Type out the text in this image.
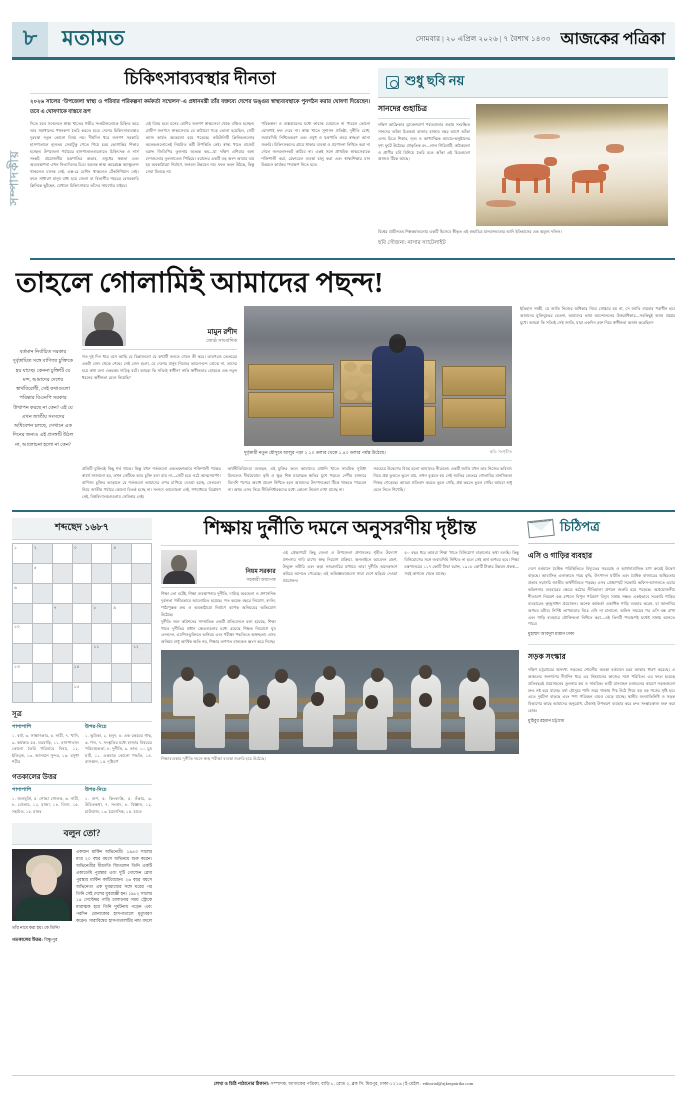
৮	মতামত	সোমবার | ২০ এপ্রিল ২০২৬ | ৭ বৈশাখ ১৪৩৩ আজকের পত্রিকা
সম্পাদকীয়
চিকিৎসাব্যবস্থার দীনতা
২০২৬ সালের ‘উপজেলা স্বাস্থ্য ও পরিবার পরিকল্পনা কর্মকর্তা সম্মেলন’-এ প্রধানমন্ত্রী তাঁর বক্তব্যে দেশের ভঙ্গুর স্বাস্থ্যব্যবস্থাকে পুনর্গঠন করার ঘোষণা দিয়েছেন। তবে এ ঘোষণাকে বাস্তবে রূপ
দিতে হলে সম্মেলনে স্বাস্থ্য খাতের গভীর সংকটগুলোকে চিহ্নিত করে তার সমাধানের পথনকশা তৈরি করতে হবে। দেশের চিকিৎসাব্যবস্থার দুরবস্থা নতুন কোনো বিষয় নয়। দীর্ঘদিন ধরে জনগণ সরকারি হাসপাতালে ন্যূনতম সেবাটুকু পেতে গিয়ে চরম ভোগান্তির শিকার হচ্ছেন। উপজেলা পর্যায়ের হাসপাতালগুলোতে চিকিৎসক ও নার্স সংকট, প্রয়োজনীয় যন্ত্রপাতির অভাব, ওষুধের স্বল্পতা এবং অব্যবস্থাপনা এখন নিত্যদিনের চিত্র। অনেক স্বাস্থ্য কমপ্লেক্সে অ্যাম্বুলেন্স থাকলেও চালক নেই, এক্স-রে মেশিন থাকলেও টেকনিশিয়ান নেই। ফলে সাধারণ মানুষ বাধ্য হয়ে জেলা বা বিভাগীয় শহরের বেসরকারি ক্লিনিকে ছুটছেন, যেখানে চিকিৎসাব্যয় তাঁদের সামর্থ্যের বাইরে।
এই বিষয় হলে মনের শ্রেণির জনগণ স্বাস্থ্যসেবা থেকে বঞ্চিত হচ্ছেন। গ্রামীণ জনপদে স্বাস্থ্যসেবার যে কাঠামো গড়ে তোলা হয়েছিল, সেটি আজ কার্যত অকেজো হয়ে পড়েছে। কমিউনিটি ক্লিনিকগুলোর অনেকগুলোতেই নিয়মিত কর্মী উপস্থিতি নেই। স্বাস্থ্য খাতে বাজেট বরাদ্দ জিডিপির তুলনায় অত্যন্ত কম—যা দক্ষিণ এশিয়ার অন্য দেশগুলোর তুলনাতেও পিছিয়ে। বরাদ্দের একটি বড় অংশ আবার ব্যয় হয় অবকাঠামো নির্মাণে, জনবল উন্নয়নে নয়। ফলে ভবন উঠছে, কিন্তু সেবা মিলছে না।
পরিকল্পনা ও বাস্তবায়নের মধ্যে ফারাক ঘোচাতে না পারলে কোনো ঘোষণাই ফল দেবে না। স্বাস্থ্য খাতে সুশাসন প্রতিষ্ঠা, দুর্নীতি রোধ, জবাবদিহি নিশ্চিতকরণ এবং ওষুধ ও যন্ত্রপাতি ক্রয়ে স্বচ্ছতা আনা জরুরি। চিকিৎসকদের গ্রামে থাকার ব্যবস্থা ও প্রণোদনা নিশ্চিত করা না গেলে জনবলসংকট কাটবে না। একই সঙ্গে প্রাথমিক স্বাস্থ্যসেবাকে শক্তিশালী করা, রেফারেল ব্যবস্থা চালু করা এবং স্বাস্থ্যশিক্ষার মান উন্নয়নে কার্যকর পদক্ষেপ নিতে হবে।
শুধু ছবি নয়
সানদের গুহাচিত্র
দক্ষিণ আফ্রিকার ড্রাকেন্সবার্গ পর্বতমালার গুহায় সংরক্ষিত সানদের আঁকা চিত্রকর্ম। হাজার হাজার বছর আগে আঁকা এসব চিত্রে শিকার, নৃত্য ও আধ্যাত্মিক আচার-অনুষ্ঠানের দৃশ্য ফুটে উঠেছে। প্রাকৃতিক রং—লাল গিরিমাটি, কাঠকয়লা ও প্রাণীর চর্বি মিশিয়ে তৈরি রঙে আঁকা এই চিত্রগুলো আজও টিকে আছে।
বিশ্বের প্রাচীনতম শিল্পকর্মগুলোর একটি হিসেবে স্বীকৃত এই গুহাচিত্র মানবসভ্যতার আদি ইতিহাসের এক অমূল্য দলিল।
ছবি সৌজন্য: নাসার স্যাটেলাইট
তাহলে গোলামিই আমাদের পছন্দ!
বর্তমান নির্বাচিত সরকার দুর্বৃত্তায়িত সঙ্গে বাণিজ্য চুক্তিকে হয় যাচ্ছে। কেননা চুক্তিটি যে মন্দ, আমাদের দেশের স্বার্থবিরোধী, সেই কথাগুলো পরিষ্কার বিএনপি সরকার উত্থাপন করছে না কেন? এই যে এখন জাতীয় সংসদের অধিবেশন চলছে, সেখানে এক দিনের জন্যও এই প্রসঙ্গটি উঠল না, আলোচনা হলো না কেন?
মামুন রশীদ
জ্যেষ্ঠ সাংবাদিক
গত দুই দিন ধরে বসে আছি যে চিন্তাগুলো যে কথাটি বলতে গেলে কী করে। তারপরও ভেতরের একটা জেদ থেকে গেছে। সেই জেদ হলো, যে দেশের মানুষ নিজের ভালো-মন্দ বোঝে না, তাদের হয়ে কথা বলা একরকম দায়িত্ব বটে। আমরা কি সত্যিই স্বাধীন? নাকি স্বাধীনতার মোড়কে এক নতুন ধরনের অধীনতা মেনে নিয়েছি?
দুর্বৃত্তায়ী নতুন মৌসুমে আলুর পড়া ২.১০ ডলার থেকে ১.৪০ ডলার পর্যন্ত উঠেছে।	ছবি: সংগৃহীত
প্রতিটি চুক্তিরই কিছু শর্ত থাকে। কিন্তু যখন শর্তগুলো একতরফাভাবে শক্তিশালী পক্ষের স্বার্থে সাজানো হয়, তখন সেটিকে আর চুক্তি বলা যায় না—সেটি হয়ে ওঠে আত্মসমর্পণ। বাণিজ্য চুক্তির আড়ালে যে শর্তগুলো আমাদের ওপর চাপিয়ে দেওয়া হচ্ছে, সেগুলো নিয়ে জাতীয় পর্যায়ে কোনো বিতর্ক হচ্ছে না। সংসদে আলোচনা নেই, গণমাধ্যমে বিশ্লেষণ নেই, বিশ্ববিদ্যালয়গুলোয় সেমিনার নেই।
অর্থনীতিবিদেরা বলছেন, এই চুক্তির ফলে আমাদের রপ্তানি খাতে সাময়িক সুবিধা মিললেও দীর্ঘমেয়াদে কৃষি ও ক্ষুদ্র শিল্প মারাত্মক ক্ষতির মুখে পড়বে। দেশীয় বাজারে বিদেশি পণ্যের অবাধ প্রবেশ নিশ্চিত হলে আমাদের উৎপাদকেরা টিকে থাকতে পারবেন না। অথচ এসব নিয়ে নীতিনির্ধারকদের মধ্যে কোনো উদ্বেগ দেখা যাচ্ছে না।
সবচেয়ে উদ্বেগের বিষয় হলো আমাদের নীরবতা। একটি জাতি যখন তার নিজের ভবিষ্যৎ নিয়ে প্রশ্ন তুলতে ভুলে যায়, তখন বুঝতে হয় সেই জাতির ভেতরে গোলামির মানসিকতা শিকড় গেড়েছে। আমরা প্রতিবাদ করতে ভুলে গেছি, প্রশ্ন করতে ভুলে গেছি। আমরা শুধু মেনে নিতে শিখেছি।
ইতিহাস সাক্ষী, যে জাতি নিজের অধিকার নিয়ে সোচ্চার হয় না, সে জাতি বারবার পরাধীন হয়। আমাদের মুক্তিযুদ্ধের চেতনা, আমাদের ভাষা আন্দোলনের উত্তরাধিকার—সবকিছুই আজ প্রশ্নের মুখে। আমরা কি সত্যিই সেই জাতি, যারা একদিন রক্ত দিয়ে স্বাধীনতা অর্জন করেছিল?
শব্দছেদ ১৬৮৭
১	২	৩	৪
৫
৬
৭	৮	৯
১০
১১	১২
১৩	১৪
১৫
সূত্র
পাশাপাশি
১. বর্ষা, ৩. সাক্ষাৎকার, ৫. নারী, ৭. খাদি, ৯. কর্মকার ৫৫. ঘরবাড়ি, ১১. হাসপাতাল কোনো তৈরি পরিবারে বিষয়, ১২. ইতিবৃত্ত, ১৩. আসমান সুন্দর, ১৬. বসুধা শরীর
উপর-নিচে
১. ভূমিকা, ২. হলুদ, ৪. এক রকমের গাছ, ৬. পদ্য, ৭. সংস্কৃতির মধ্যে হাজার বিষয়ের পরিচায়কতা, ৮. দুর্নীতি, ৯. তাল, ১০. চুম ঘাট, ১১. একমাত্র কোনো পদ্ধতি, ১৪. বাসস্থান, ১৫. দৃষ্টিবর্ণ
গতকালের উত্তর
পাশাপাশি
১. জলমূর্তি, ৫. শোভা গোলক, ৬. নারী, ৮. বোতাম, ১২. রাজা, ১৪. বিদ্যা, ১৫. সহমিত, ১৮. মানব
উপর-নিচে
১. গুণ, ৫. কিংবদন্তি, ৫. ওঁকার, ৬. উচিতকথা, ৭. সংবাদ, ৮. বিজ্ঞান, ১২. চাউবাজ, ১৩. ত্রৈমাসিক, ১৫. হাতে
বলুন তো?
একজন মার্কিন অভিনেত্রী। ১৯৪৩ সালের মাত্র ২০ বছর বয়সে অভিনয়ে শুরু করেন। অভিনেত্রীর ধীরগতি জিতলেন তিনি একটি একাডেমি পুরস্কার এবং দুটি গোল্ডেন গ্লোব পুরস্কার মার্কিন কাটিয়েছেন। ২৬ বছর বয়সে অভিনেতা এক যুবরাজের সঙ্গে ঘরের পর তিনি সেই দেশের যুবরাজ্ঞী হন। ১৯৮২ সালের ১৪ সেপ্টেম্বর গাড়ি চালানোর সময় স্ট্রোকে মারাত্মক হয়ে তিনি দুর্ঘটনায় পড়েন এবং পরদিন মোনাকোর হাসপাতালে মৃত্যুবরণ করেন। সারাবিশ্বের হাসপাতালটির নাম বদলে তাঁর নামে করা হয়। কে তিনি?
গতকালের উত্তর: বিষ্ণুপুর
শিক্ষায় দুর্নীতি দমনে অনুসরণীয় দৃষ্টান্ত
নিয়ম সরকার
সহকারী অধ্যাপক
শিক্ষা তো বটেই, শিক্ষা ব্যবস্থাপনার দুর্নীতি, দায়িত্ব অবহেলা ও প্রশাসনিক দুর্বলতা গভীরভাবে আলোচিত হয়েছে। গত কয়েক বছরে নিয়োগ, বদলি, পাঠ্যপুস্তক ক্রয় ও অবকাঠামো নির্মাণে ব্যাপক অনিয়মের অভিযোগ উঠেছে।
দুর্নীতি দমন কমিশনের সাম্প্রতিক একটি প্রতিবেদনে বলা হয়েছে, শিক্ষা খাতে দুর্নীতির প্রধান ক্ষেত্রগুলোর মধ্যে রয়েছে শিক্ষক নিয়োগে ঘুষ লেনদেন, এমপিওভুক্তিতে অনিয়ম এবং পরীক্ষা পদ্ধতিতে অস্বচ্ছতা। এসব অনিয়ম শুধু আর্থিক ক্ষতি নয়, শিক্ষার গুণগত মানকেও ধ্বংস করে দিচ্ছে।
এই প্রেক্ষাপটে কিছু জেলা ও উপজেলা প্রশাসনের গৃহীত উদ্যোগ প্রশংসার দাবি রাখে। স্বচ্ছ নিয়োগ প্রক্রিয়া, অনলাইনে আবেদন গ্রহণ, উন্মুক্ত লটারি এবং কড়া নজরদারির মাধ্যমে তারা দুর্নীতি অনেকাংশে কমিয়ে আনতে পেরেছে। এই অভিজ্ঞতাগুলো সারা দেশে ছড়িয়ে দেওয়া প্রয়োজন।
৫০ বছর ধরে আমরা শিক্ষা খাতে বিনিয়োগ বাড়ানোর কথা বলছি। কিন্তু বিনিয়োগের সঙ্গে জবাবদিহি নিশ্চিত না হলে সেই অর্থ অপচয় হবে। শিক্ষা মন্ত্রণালয়ের ১১৭ কোটি টাকা বরাদ্দ, ১৯১৮ কোটি টাকার উন্নয়ন প্রকল্প—সবই কাগজে থেকে যাচ্ছে।
শিক্ষাব্যবস্থায় দুর্নীতি দমনে স্বচ্ছ পরীক্ষা ব্যবস্থা জরুরি হয়ে উঠেছে।
চিঠিপত্র
এসি ও গাড়ির ব্যবহার
দেশে বর্তমানে বৈশ্বিক পরিস্থিতিতে বিদ্যুতের সরবরাহ ও আর্থসামাজিক চাপ ক্রমেই উদ্বেগ বাড়ছে। আবাসিক এলাকাতে গরম বৃদ্ধি, উৎপাদন ঘাটতি এবং বৈশ্বিক বাজারের অস্থিরতার প্রভাব সরাসরি জাতীয় অর্থনীতিতে পড়ছে। এসব প্রেক্ষাপটে সরকারি অফিস-আদালতে এয়ার কন্ডিশনার ব্যবহারের ক্ষেত্রে কঠোর নীতিমালা প্রণয়ন জরুরি হয়ে পড়েছে। অপ্রয়োজনীয় শীতাতপ নিয়ন্ত্রণ বন্ধ রাখলে বিপুল পরিমাণ বিদ্যুৎ সাশ্রয় সম্ভব। একইভাবে সরকারি গাড়ির ব্যবহারেও কৃচ্ছ্রসাধন প্রয়োজন। অনেক কর্মকর্তা একাধিক গাড়ি ব্যবহার করেন, যা জ্বালানির অপচয় ঘটায়। নির্দিষ্ট তাপমাত্রার নিচে এসি না চালানো, অফিস সময়ের পর এসি বন্ধ রাখা এবং গাড়ি ব্যবহারে যৌক্তিকতা নিশ্চিত করা—এই তিনটি পদক্ষেপই যথেষ্ট সাশ্রয় আনতে পারে।
মুহাম্মদ আবদুল মান্নান ঢাকা
সড়ক সংস্কার
দক্ষিণ চট্টগ্রামের অসংখ্য সড়কের শোচনীয় অবস্থা বর্তমানে চরম আকার ধারণ করেছে। এ অঞ্চলের জনগণের দীর্ঘদিন ধরে এর নিম্নমানের কাজের সঙ্গে পরিচিত। এর ফলে হয়েছে প্রতিবছরই প্রয়োজনের তুলনায় কম ও সাময়িক। ভারী যানবাহন চলাচলের কারণে সড়কগুলো দ্রুত নষ্ট হয়ে যাচ্ছে। বর্ষা মৌসুমে পানি জমে থাকায় পিচ উঠে গিয়ে বড় বড় গর্তের সৃষ্টি হয়। এতে দুর্ঘটনা বাড়ছে এবং পণ্য পরিবহন ব্যয়ও বেড়ে যাচ্ছে। স্থানীয় জনপ্রতিনিধি ও সড়ক বিভাগের কাছে আমাদের অনুরোধ, টেকসই উপকরণ ব্যবহার করে দ্রুত সংস্কারকাজ শুরু করা হোক।
মুহিবুর রহমান চট্টগ্রাম
লেখা ও চিঠি পাঠানোর ঠিকানা: সম্পাদক, আজকের পত্রিকা, বাড়ি ৮, রোড ২, ব্লক সি, মিরপুর, ঢাকা-১২১৬ | ই-মেইল : editorial@ajkerpatrika.com
